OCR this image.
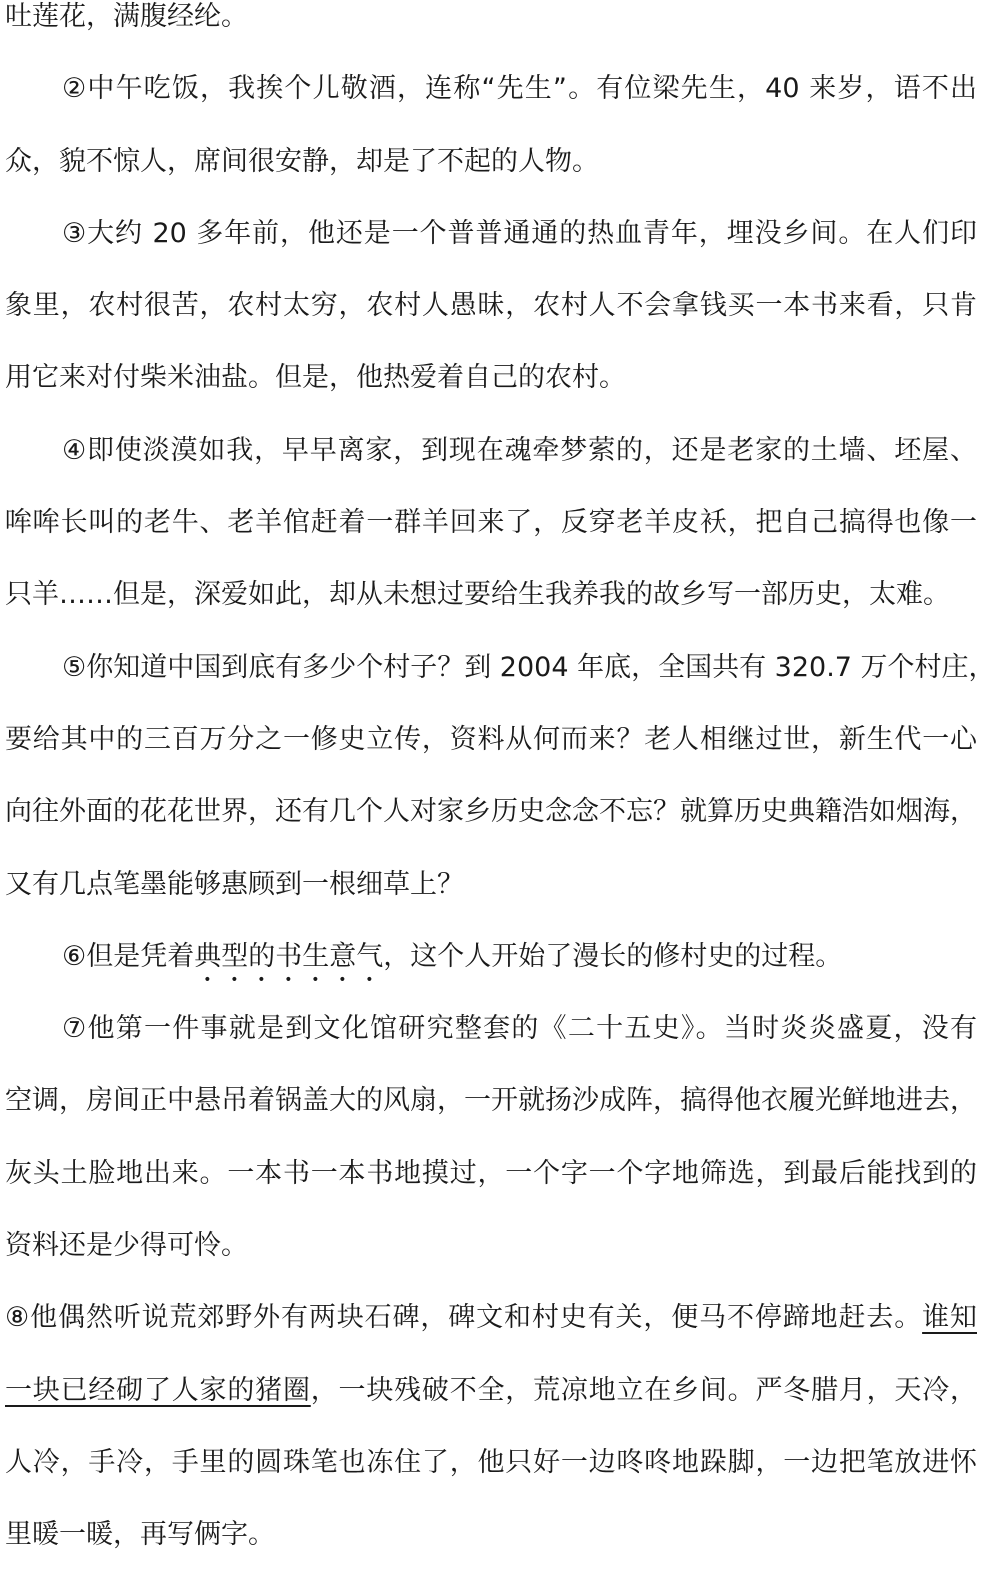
吐莲花，满腹经纶。
②中午吃饭，我挨个儿敬酒，连称“先生”。有位梁先生，40 来岁，语不出
众，貌不惊人，席间很安静，却是了不起的人物。
③大约 20 多年前，他还是一个普普通通的热血青年，埋没乡间。在人们印
象里，农村很苦，农村太穷，农村人愚昧，农村人不会拿钱买一本书来看，只肯
用它来对付柴米油盐。但是，他热爱着自己的农村。
④即使淡漠如我，早早离家，到现在魂牵梦萦的，还是老家的土墙、坯屋、
哞哞长叫的老牛、老羊倌赶着一群羊回来了，反穿老羊皮袄，把自己搞得也像一
只羊……但是，深爱如此，却从未想过要给生我养我的故乡写一部历史，太难。
⑤你知道中国到底有多少个村子？到 2004 年底，全国共有 320.7 万个村庄，
要给其中的三百万分之一修史立传，资料从何而来？老人相继过世，新生代一心
向往外面的花花世界，还有几个人对家乡历史念念不忘？就算历史典籍浩如烟海，
又有几点笔墨能够惠顾到一根细草上？
⑥但是凭着典型的书生意气，这个人开始了漫长的修村史的过程。
⑦他第一件事就是到文化馆研究整套的《二十五史》。当时炎炎盛夏，没有
空调，房间正中悬吊着锅盖大的风扇，一开就扬沙成阵，搞得他衣履光鲜地进去，
灰头土脸地出来。一本书一本书地摸过，一个字一个字地筛选，到最后能找到的
资料还是少得可怜。
⑧他偶然听说荒郊野外有两块石碑，碑文和村史有关，便马不停蹄地赶去。谁知
一块已经砌了人家的猪圈，一块残破不全，荒凉地立在乡间。严冬腊月，天冷，
人冷，手冷，手里的圆珠笔也冻住了，他只好一边咚咚地跺脚，一边把笔放进怀
里暖一暖，再写俩字。
